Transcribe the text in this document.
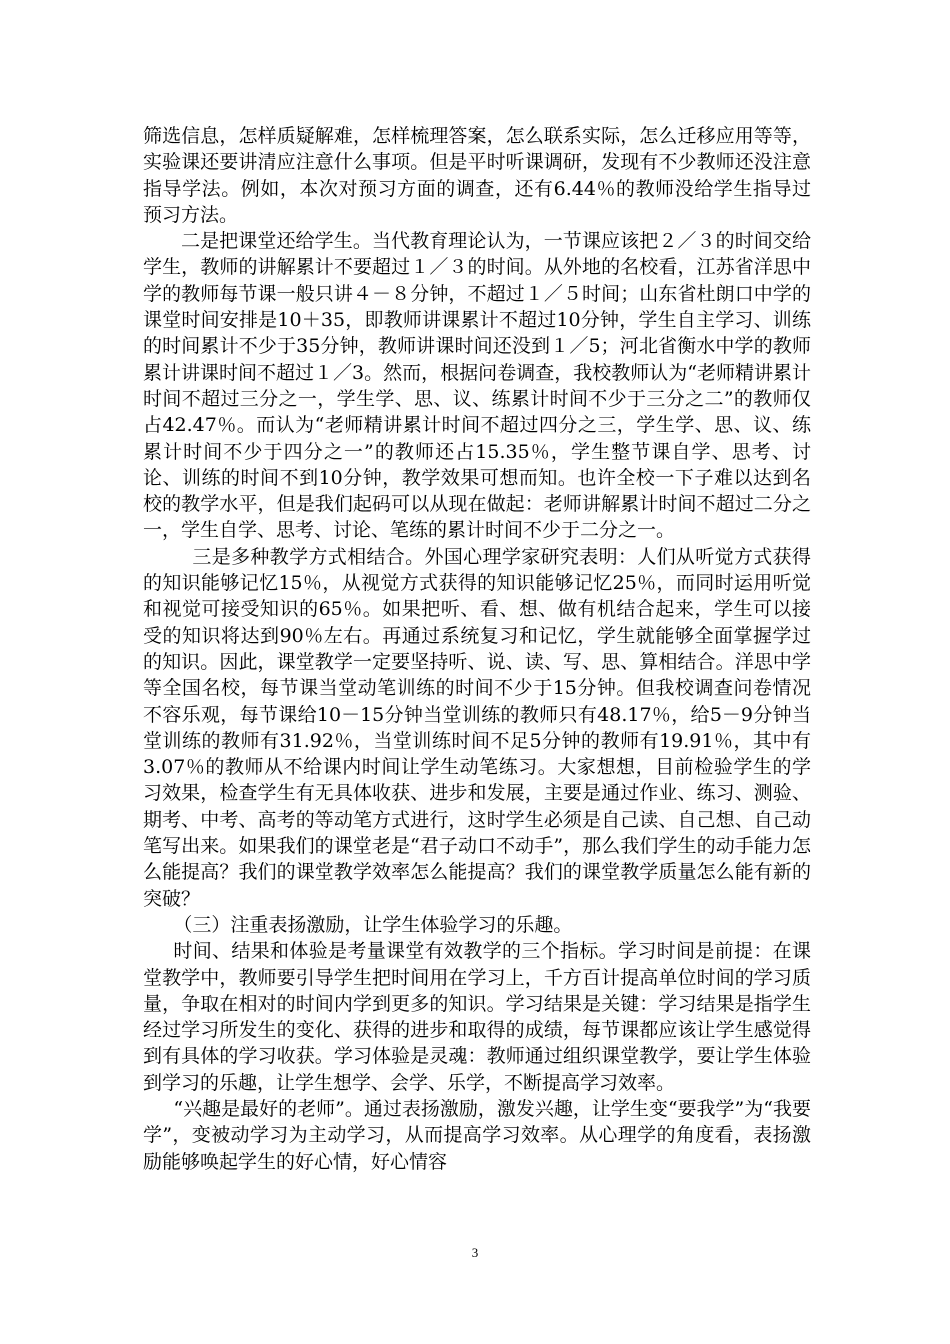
筛选信息，怎样质疑解难，怎样梳理答案，怎么联系实际，怎么迁移应用等等，实验课还要讲清应注意什么事项。但是平时听课调研，发现有不少教师还没注意指导学法。例如，本次对预习方面的调查，还有6.44％的教师没给学生指导过预习方法。

二是把课堂还给学生。当代教育理论认为，一节课应该把２／３的时间交给学生，教师的讲解累计不要超过１／３的时间。从外地的名校看，江苏省洋思中学的教师每节课一般只讲４－８分钟，不超过１／５时间；山东省杜朗口中学的课堂时间安排是10＋35，即教师讲课累计不超过10分钟，学生自主学习、训练的时间累计不少于35分钟，教师讲课时间还没到１／5；河北省衡水中学的教师累计讲课时间不超过１／3。然而，根据问卷调查，我校教师认为“老师精讲累计时间不超过三分之一，学生学、思、议、练累计时间不少于三分之二”的教师仅占42.47％。而认为“老师精讲累计时间不超过四分之三，学生学、思、议、练累计时间不少于四分之一”的教师还占15.35％，学生整节课自学、思考、讨论、训练的时间不到10分钟，教学效果可想而知。也许全校一下子难以达到名校的教学水平，但是我们起码可以从现在做起：老师讲解累计时间不超过二分之一，学生自学、思考、讨论、笔练的累计时间不少于二分之一。

三是多种教学方式相结合。外国心理学家研究表明：人们从听觉方式获得的知识能够记忆15％，从视觉方式获得的知识能够记忆25％，而同时运用听觉和视觉可接受知识的65％。如果把听、看、想、做有机结合起来，学生可以接受的知识将达到90％左右。再通过系统复习和记忆，学生就能够全面掌握学过的知识。因此，课堂教学一定要坚持听、说、读、写、思、算相结合。洋思中学等全国名校，每节课当堂动笔训练的时间不少于15分钟。但我校调查问卷情况不容乐观，每节课给10－15分钟当堂训练的教师只有48.17％，给5－9分钟当堂训练的教师有31.92％，当堂训练时间不足5分钟的教师有19.91％，其中有3.07％的教师从不给课内时间让学生动笔练习。大家想想，目前检验学生的学习效果，检查学生有无具体收获、进步和发展，主要是通过作业、练习、测验、期考、中考、高考的等动笔方式进行，这时学生必须是自己读、自己想、自己动笔写出来。如果我们的课堂老是“君子动口不动手”，那么我们学生的动手能力怎么能提高？我们的课堂教学效率怎么能提高？我们的课堂教学质量怎么能有新的突破？

（三）注重表扬激励，让学生体验学习的乐趣。

时间、结果和体验是考量课堂有效教学的三个指标。学习时间是前提：在课堂教学中，教师要引导学生把时间用在学习上，千方百计提高单位时间的学习质量，争取在相对的时间内学到更多的知识。学习结果是关键：学习结果是指学生经过学习所发生的变化、获得的进步和取得的成绩，每节课都应该让学生感觉得到有具体的学习收获。学习体验是灵魂：教师通过组织课堂教学，要让学生体验到学习的乐趣，让学生想学、会学、乐学，不断提高学习效率。

“兴趣是最好的老师”。通过表扬激励，激发兴趣，让学生变“要我学”为“我要学”，变被动学习为主动学习，从而提高学习效率。从心理学的角度看，表扬激励能够唤起学生的好心情，好心情容

3
